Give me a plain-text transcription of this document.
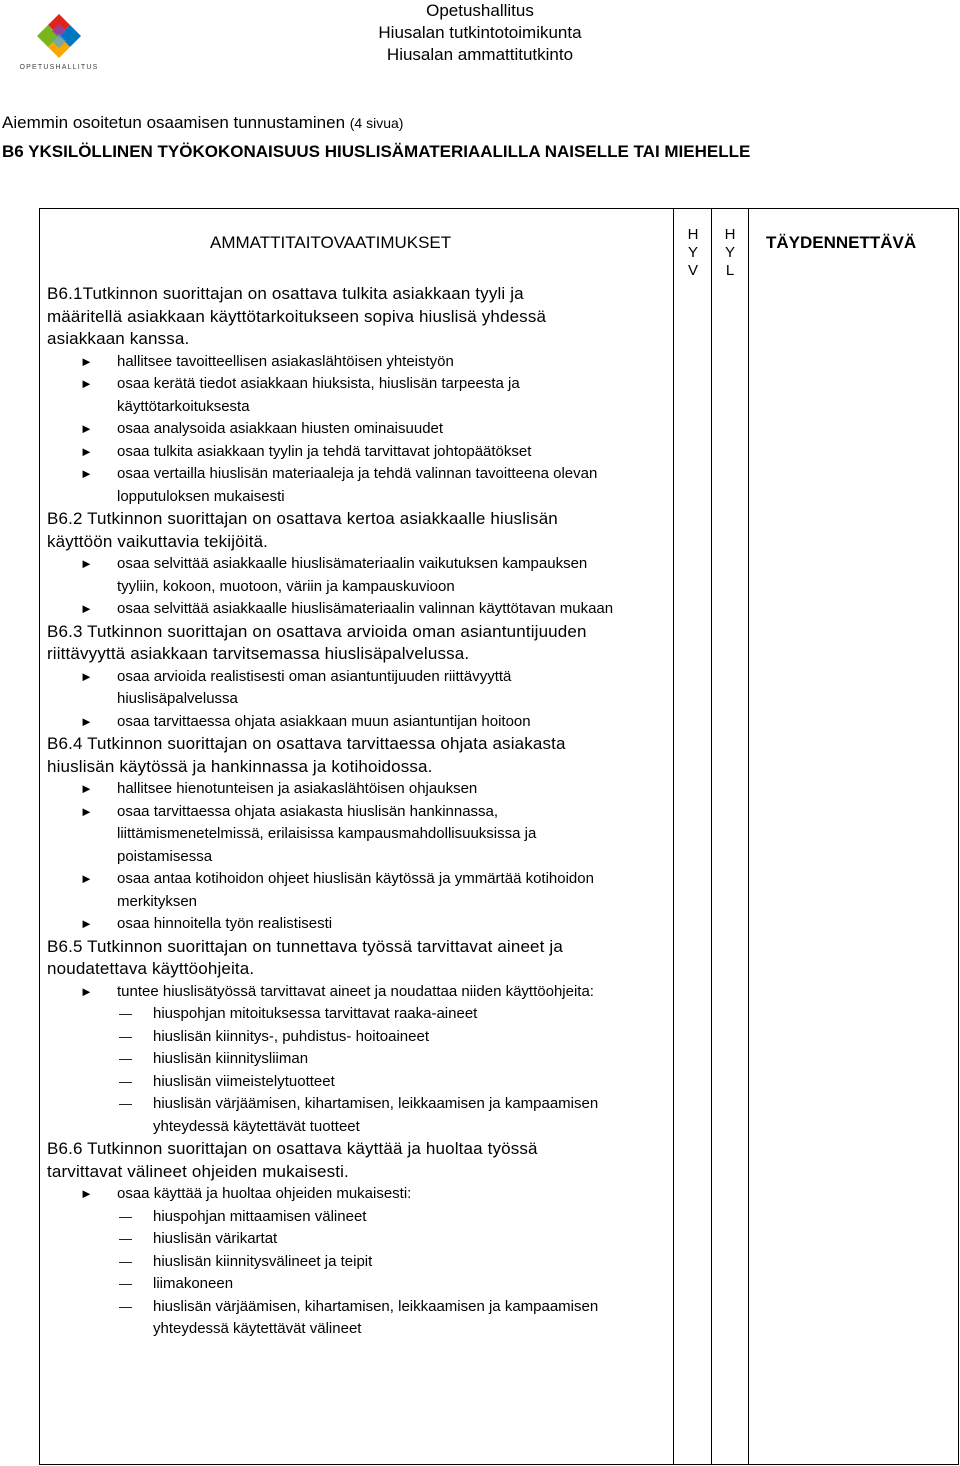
OPETUSHALLITUS
Opetushallitus
Hiusalan tutkintotoimikunta
Hiusalan ammattitutkinto
Aiemmin osoitetun osaamisen tunnustaminen (4 sivua)
B6 YKSILÖLLINEN TYÖKOKONAISUUS HIUSLISÄMATERIAALILLA NAISELLE TAI MIEHELLE
AMMATTITAITOVAATIMUKSET	H
Y
V
H
Y
L
TÄYDENNETTÄVÄ
B6.1Tutkinnon suorittajan on osattava tulkita asiakkaan tyyli ja
määritellä asiakkaan käyttötarkoitukseen sopiva hiuslisä yhdessä
asiakkaan kanssa.
► hallitsee tavoitteellisen asiakaslähtöisen yhteistyön
► osaa kerätä tiedot asiakkaan hiuksista, hiuslisän tarpeesta ja
käyttötarkoituksesta
► osaa analysoida asiakkaan hiusten ominaisuudet
► osaa tulkita asiakkaan tyylin ja tehdä tarvittavat johtopäätökset
► osaa vertailla hiuslisän materiaaleja ja tehdä valinnan tavoitteena olevan
lopputuloksen mukaisesti
B6.2 Tutkinnon suorittajan on osattava kertoa asiakkaalle hiuslisän
käyttöön vaikuttavia tekijöitä.
► osaa selvittää asiakkaalle hiuslisämateriaalin vaikutuksen kampauksen
tyyliin, kokoon, muotoon, väriin ja kampauskuvioon
► osaa selvittää asiakkaalle hiuslisämateriaalin valinnan käyttötavan mukaan
B6.3 Tutkinnon suorittajan on osattava arvioida oman asiantuntijuuden
riittävyyttä asiakkaan tarvitsemassa hiuslisäpalvelussa.
► osaa arvioida realistisesti oman asiantuntijuuden riittävyyttä
hiuslisäpalvelussa
► osaa tarvittaessa ohjata asiakkaan muun asiantuntijan hoitoon
B6.4 Tutkinnon suorittajan on osattava tarvittaessa ohjata asiakasta
hiuslisän käytössä ja hankinnassa ja kotihoidossa.
► hallitsee hienotunteisen ja asiakaslähtöisen ohjauksen
► osaa tarvittaessa ohjata asiakasta hiuslisän hankinnassa,
liittämismenetelmissä, erilaisissa kampausmahdollisuuksissa ja
poistamisessa
► osaa antaa kotihoidon ohjeet hiuslisän käytössä ja ymmärtää kotihoidon
merkityksen
► osaa hinnoitella työn realistisesti
B6.5 Tutkinnon suorittajan on tunnettava työssä tarvittavat aineet ja
noudatettava käyttöohjeita.
► tuntee hiuslisätyössä tarvittavat aineet ja noudattaa niiden käyttöohjeita:
— hiuspohjan mitoituksessa tarvittavat raaka-aineet
— hiuslisän kiinnitys-, puhdistus- hoitoaineet
— hiuslisän kiinnitysliiman
— hiuslisän viimeistelytuotteet
— hiuslisän värjäämisen, kihartamisen, leikkaamisen ja kampaamisen
yhteydessä käytettävät tuotteet
B6.6 Tutkinnon suorittajan on osattava käyttää ja huoltaa työssä
tarvittavat välineet ohjeiden mukaisesti.
► osaa käyttää ja huoltaa ohjeiden mukaisesti:
— hiuspohjan mittaamisen välineet
— hiuslisän värikartat
— hiuslisän kiinnitysvälineet ja teipit
— liimakoneen
— hiuslisän värjäämisen, kihartamisen, leikkaamisen ja kampaamisen
yhteydessä käytettävät välineet
